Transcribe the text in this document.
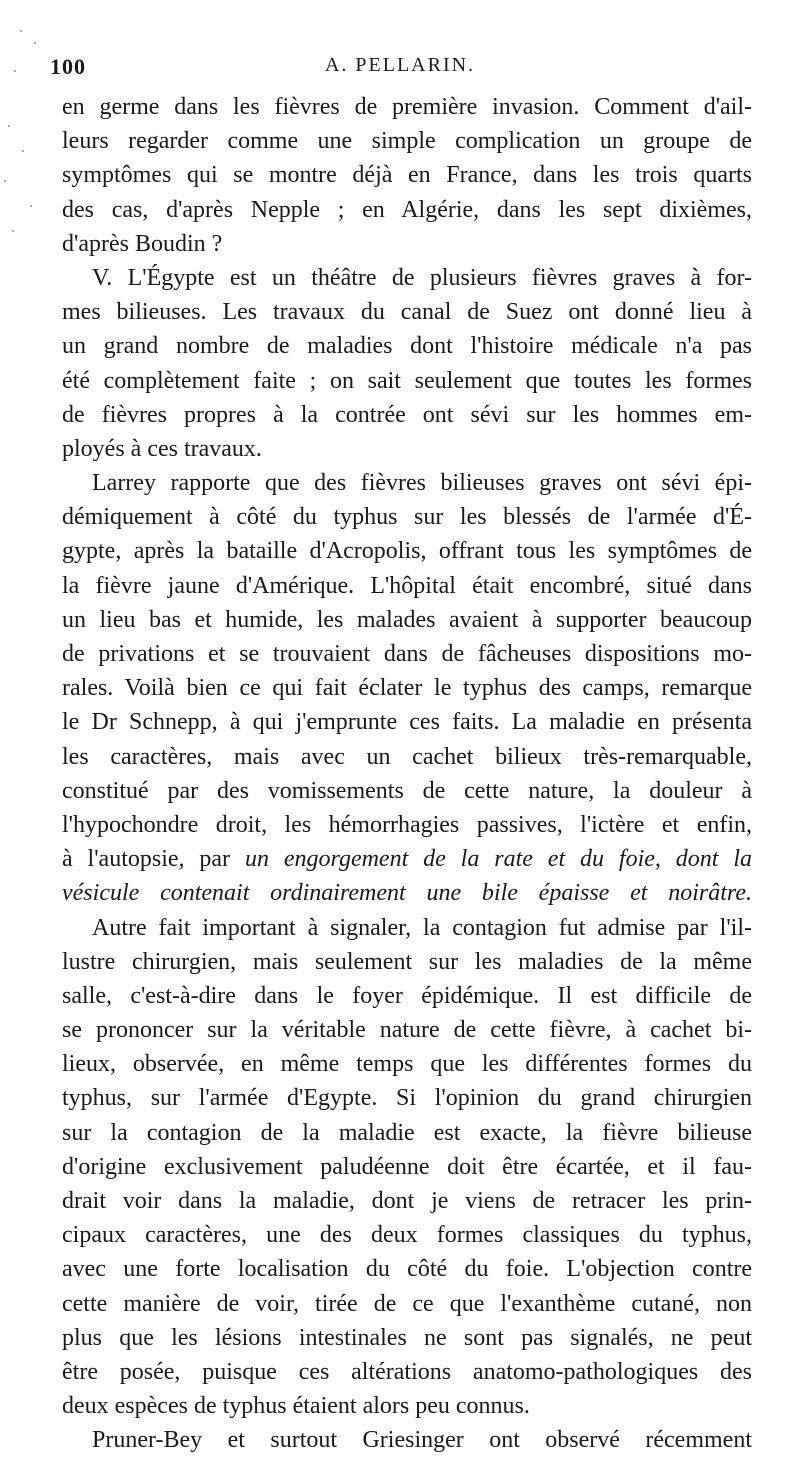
100	A. PELLARIN.
en germe dans les fièvres de première invasion. Comment d'ail-
leurs regarder comme une simple complication un groupe de
symptômes qui se montre déjà en France, dans les trois quarts
des cas, d'après Nepple ; en Algérie, dans les sept dixièmes,
d'après Boudin ?
V. L'Égypte est un théâtre de plusieurs fièvres graves à for-
mes bilieuses. Les travaux du canal de Suez ont donné lieu à
un grand nombre de maladies dont l'histoire médicale n'a pas
été complètement faite ; on sait seulement que toutes les formes
de fièvres propres à la contrée ont sévi sur les hommes em-
ployés à ces travaux.
Larrey rapporte que des fièvres bilieuses graves ont sévi épi-
démiquement à côté du typhus sur les blessés de l'armée d'É-
gypte, après la bataille d'Acropolis, offrant tous les symptômes de
la fièvre jaune d'Amérique. L'hôpital était encombré, situé dans
un lieu bas et humide, les malades avaient à supporter beaucoup
de privations et se trouvaient dans de fâcheuses dispositions mo-
rales. Voilà bien ce qui fait éclater le typhus des camps, remarque
le Dr Schnepp, à qui j'emprunte ces faits. La maladie en présenta
les caractères, mais avec un cachet bilieux très-remarquable,
constitué par des vomissements de cette nature, la douleur à
l'hypochondre droit, les hémorrhagies passives, l'ictère et enfin,
à l'autopsie, par un engorgement de la rate et du foie, dont la
vésicule contenait ordinairement une bile épaisse et noirâtre.
Autre fait important à signaler, la contagion fut admise par l'il-
lustre chirurgien, mais seulement sur les maladies de la même
salle, c'est-à-dire dans le foyer épidémique. Il est difficile de
se prononcer sur la véritable nature de cette fièvre, à cachet bi-
lieux, observée, en même temps que les différentes formes du
typhus, sur l'armée d'Egypte. Si l'opinion du grand chirurgien
sur la contagion de la maladie est exacte, la fièvre bilieuse
d'origine exclusivement paludéenne doit être écartée, et il fau-
drait voir dans la maladie, dont je viens de retracer les prin-
cipaux caractères, une des deux formes classiques du typhus,
avec une forte localisation du côté du foie. L'objection contre
cette manière de voir, tirée de ce que l'exanthème cutané, non
plus que les lésions intestinales ne sont pas signalés, ne peut
être posée, puisque ces altérations anatomo-pathologiques des
deux espèces de typhus étaient alors peu connus.
Pruner-Bey et surtout Griesinger ont observé récemment
